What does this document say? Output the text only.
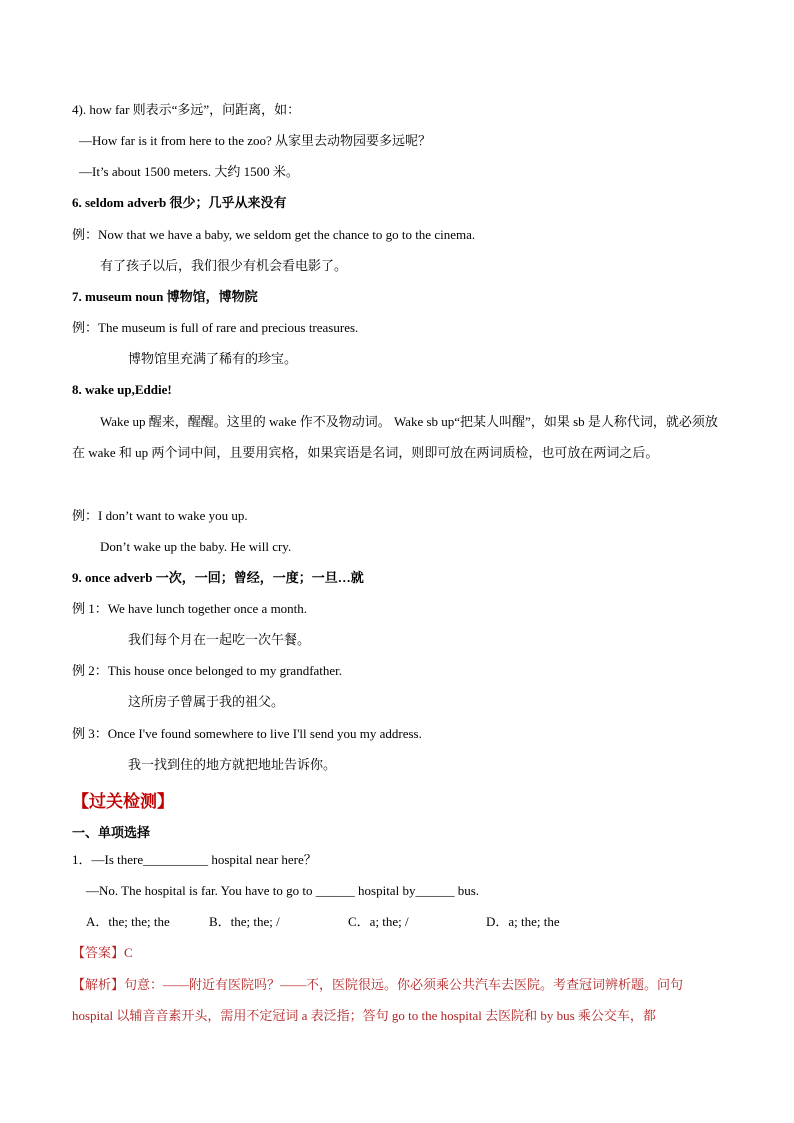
4). how far 则表示“多远”，问距离，如：
—How far is it from here to the zoo? 从家里去动物园要多远呢？
—It’s about 1500 meters. 大约 1500 米。
6. seldom adverb 很少；几乎从来没有
例：Now that we have a baby, we seldom get the chance to go to the cinema.
有了孩子以后，我们很少有机会看电影了。
7. museum noun 博物馆，博物院
例：The museum is full of rare and precious treasures.
博物馆里充满了稀有的珍宝。
8. wake up,Eddie!
Wake up 醒来，醒醒。这里的 wake 作不及物动词。 Wake sb up“把某人叫醒”，如果 sb 是人称代词，就必须放在 wake 和 up 两个词中间，且要用宾格，如果宾语是名词，则即可放在两词质检，也可放在两词之后。
例：I don’t want to wake you up.
Don’t wake up the baby. He will cry.
9. once adverb 一次，一回；曾经，一度；一旦…就
例 1：We have lunch together once a month.
我们每个月在一起吃一次午餐。
例 2：This house once belonged to my grandfather.
这所房子曾属于我的祖父。
例 3：Once I've found somewhere to live I'll send you my address.
我一找到住的地方就把地址告诉你。
【过关检测】
一、单项选择
1．—Is there__________ hospital near here？
—No. The hospital is far. You have to go to ______ hospital by______ bus.
A．the; the; the	B．the; the; /	C．a; the; /	D．a; the; the
【答案】C
【解析】句意：——附近有医院吗？——不，医院很远。你必须乘公共汽车去医院。考查冠词辨析题。问句 hospital 以辅音音素开头，需用不定冠词 a 表泛指；答句 go to the hospital 去医院和 by bus 乘公交车，都
